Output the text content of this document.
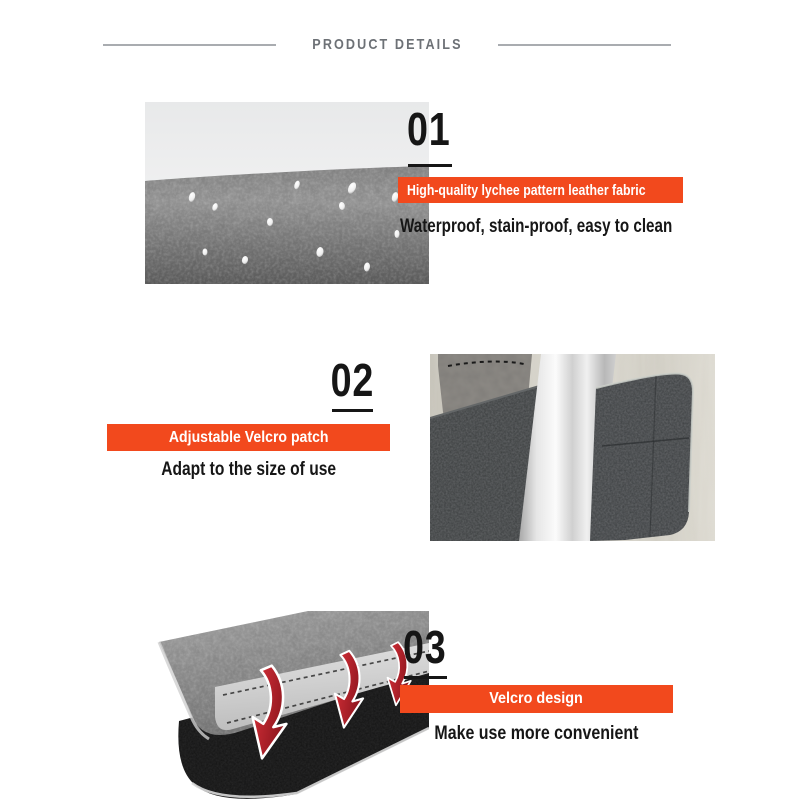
PRODUCT DETAILS
01
High-quality lychee pattern leather fabric
Waterproof, stain-proof, easy to clean
02
Adjustable Velcro patch
Adapt to the size of use
03
Velcro design
Make use more convenient
